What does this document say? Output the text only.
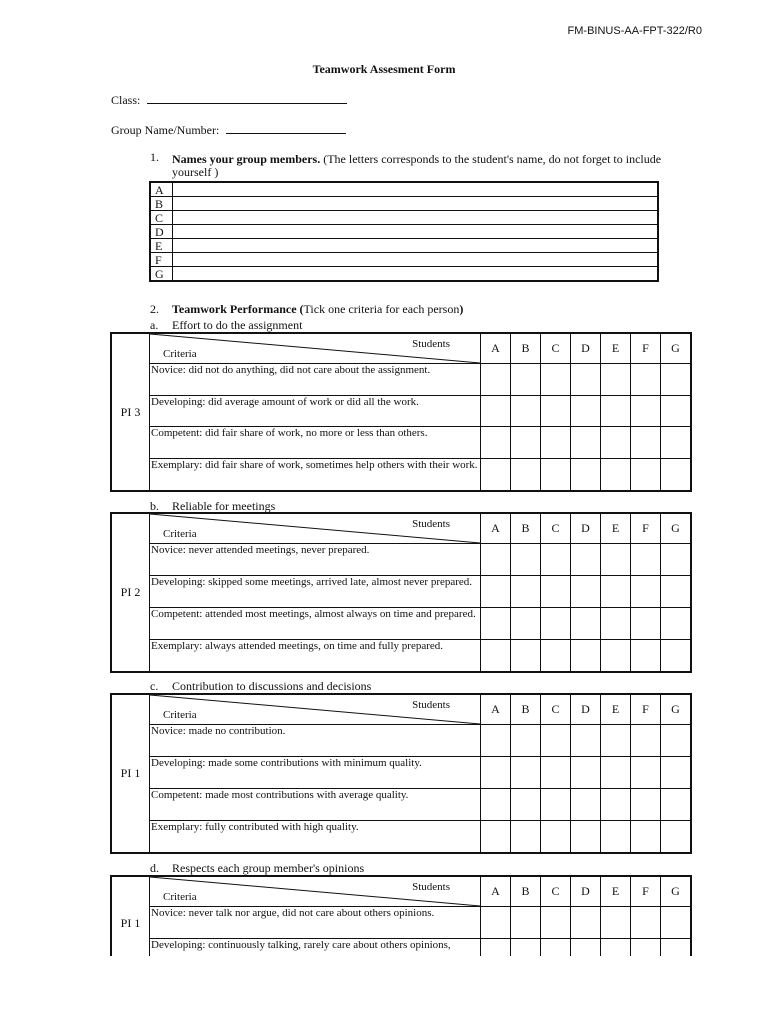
FM-BINUS-AA-FPT-322/R0
Teamwork Assesment Form
Class:
Group Name/Number:
1. Names your group members. (The letters corresponds to the student's name, do not forget to include yourself )
A	
B	
C	
D	
E	
F	
G	
2. Teamwork Performance (Tick one criteria for each person)
a. Effort to do the assignment
PI 3	Students
Criteria	A	B	C	D	E	F	G
	Novice: did not do anything, did not care about the assignment.							
	Developing: did average amount of work or did all the work.							
	Competent: did fair share of work, no more or less than others.							
	Exemplary: did fair share of work, sometimes help others with their work.							
b. Reliable for meetings
PI 2	Students
Criteria	A	B	C	D	E	F	G
	Novice: never attended meetings, never prepared.							
	Developing: skipped some meetings, arrived late, almost never prepared.							
	Competent: attended most meetings, almost always on time and prepared.							
	Exemplary: always attended meetings, on time and fully prepared.							
c. Contribution to discussions and decisions
PI 1	Students
Criteria	A	B	C	D	E	F	G
	Novice: made no contribution.							
	Developing: made some contributions with minimum quality.							
	Competent: made most contributions with average quality.							
	Exemplary: fully contributed with high quality.							
d. Respects each group member's opinions
PI 1	Students
Criteria	A	B	C	D	E	F	G
	Novice: never talk nor argue, did not care about others opinions.							
	Developing: continuously talking, rarely care about others opinions,							
